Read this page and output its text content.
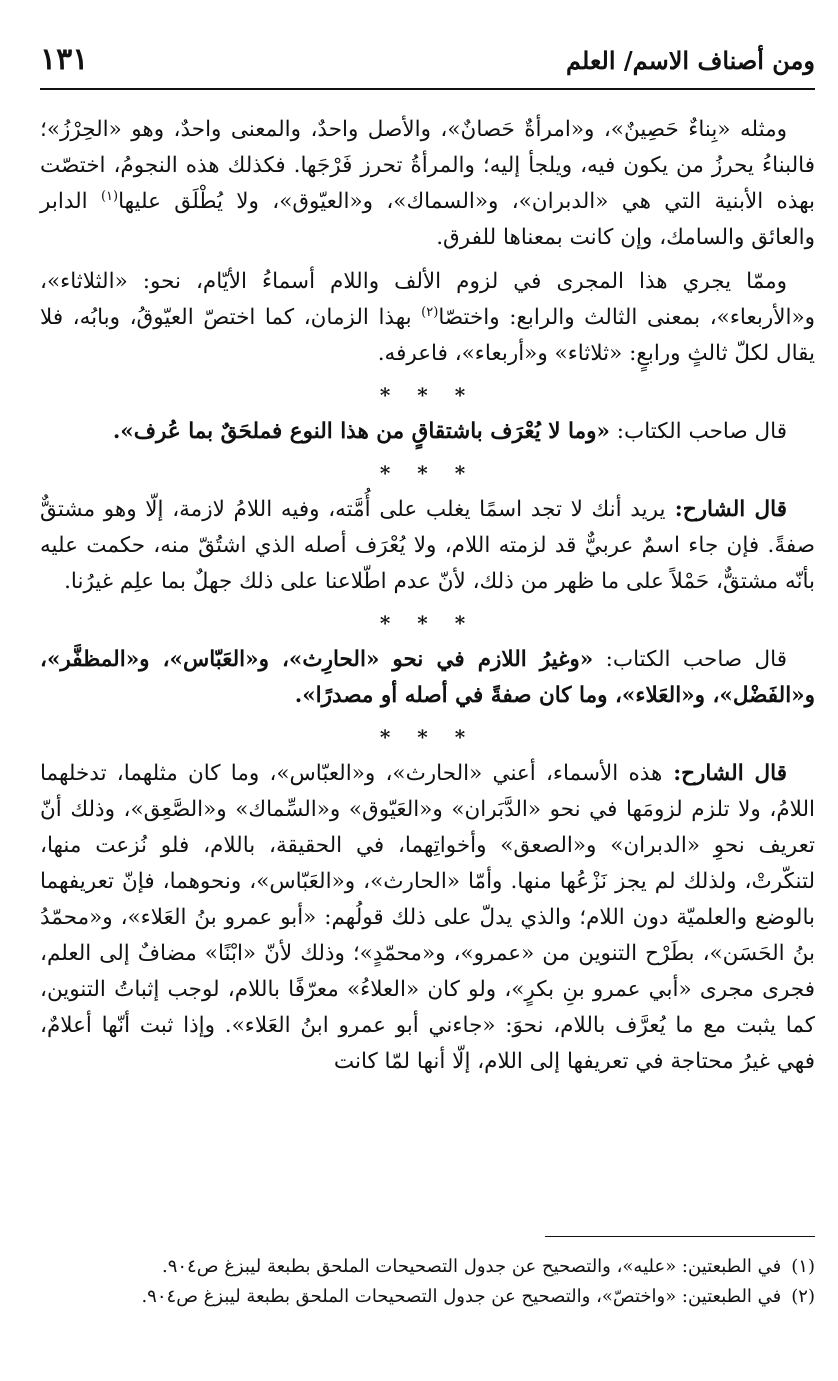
ومن أصناف الاسم/ العلم
١٣١

ومثله «بِناءٌ حَصِينٌ»، و«امرأةٌ حَصانٌ»، والأصل واحدٌ، والمعنى واحدٌ، وهو «الحِرْزُ»؛ فالبناءُ يحرزُ من يكون فيه، ويلجأ إليه؛ والمرأةُ تحرز فَرْجَها. فكذلك هذه النجومُ، اختصّت بهذه الأبنية التي هي «الدبران»، و«السماك»، و«العيّوق»، ولا يُطْلَق عليها$^{(١)}$ الدابر والعائق والسامك، وإن كانت بمعناها للفرق.

وممّا يجري هذا المجرى في لزوم الألف واللام أسماءُ الأيّام، نحو: «الثلاثاء»، و«الأربعاء»، بمعنى الثالث والرابع: واختصّا$^{(٢)}$ بهذا الزمان، كما اختصّ العيّوقُ، وبابُه، فلا يقال لكلّ ثالثٍ ورابعٍ: «ثلاثاء» و«أربعاء»، فاعرفه.

* * *

قال صاحب الكتاب: «وما لا يُعْرَف باشتقاقٍ من هذا النوع فملحَقٌ بما عُرف».

* * *

قال الشارح: يريد أنك لا تجد اسمًا يغلب على أُمَّته، وفيه اللامُ لازمة، إلّا وهو مشتقٌّ صفةً. فإن جاء اسمٌ عربيٌّ قد لزمته اللام، ولا يُعْرَف أصله الذي اشتُقّ منه، حكمت عليه بأنّه مشتقٌّ، حَمْلاً على ما ظهر من ذلك، لأنّ عدم اطّلاعنا على ذلك جهلٌ بما علِم غيرُنا.

* * *

قال صاحب الكتاب: «وغيرُ اللازم في نحو «الحارِث»، و«العَبّاس»، و«المظفَّر»، و«الفَضْل»، و«العَلاء»، وما كان صفةً في أصله أو مصدرًا».

* * *

قال الشارح: هذه الأسماء، أعني «الحارث»، و«العبّاس»، وما كان مثلهما، تدخلهما اللامُ، ولا تلزم لزومَها في نحو «الدَّبَران» و«العَيّوق» و«السِّماك» و«الصَّعِق»، وذلك أنّ تعريف نحوِ «الدبران» و«الصعق» وأخواتِهما، في الحقيقة، باللام، فلو نُزعت منها، لتنكّرتْ، ولذلك لم يجز نَزْعُها منها. وأمّا «الحارث»، و«العَبّاس»، ونحوهما، فإنّ تعريفهما بالوضع والعلميّة دون اللام؛ والذي يدلّ على ذلك قولُهم: «أبو عمرو بنُ العَلاء»، و«محمّدُ بنُ الحَسَن»، بطَرْح التنوين من «عمرو»، و«محمّدٍ»؛ وذلك لأنّ «ابْنًا» مضافٌ إلى العلم، فجرى مجرى «أبي عمرو بنِ بكرٍ»، ولو كان «العلاءُ» معرّفًا باللام، لوجب إثباتُ التنوين، كما يثبت مع ما يُعرَّف باللام، نحوَ: «جاءني أبو عمرو ابنُ العَلاء». وإذا ثبت أنّها أعلامٌ، فهي غيرُ محتاجة في تعريفها إلى اللام، إلّا أنها لمّا كانت

(١)في الطبعتين: «عليه»، والتصحيح عن جدول التصحيحات الملحق بطبعة ليبزغ ص٩٠٤.

(٢)في الطبعتين: «واختصّ»، والتصحيح عن جدول التصحيحات الملحق بطبعة ليبزغ ص٩٠٤.
